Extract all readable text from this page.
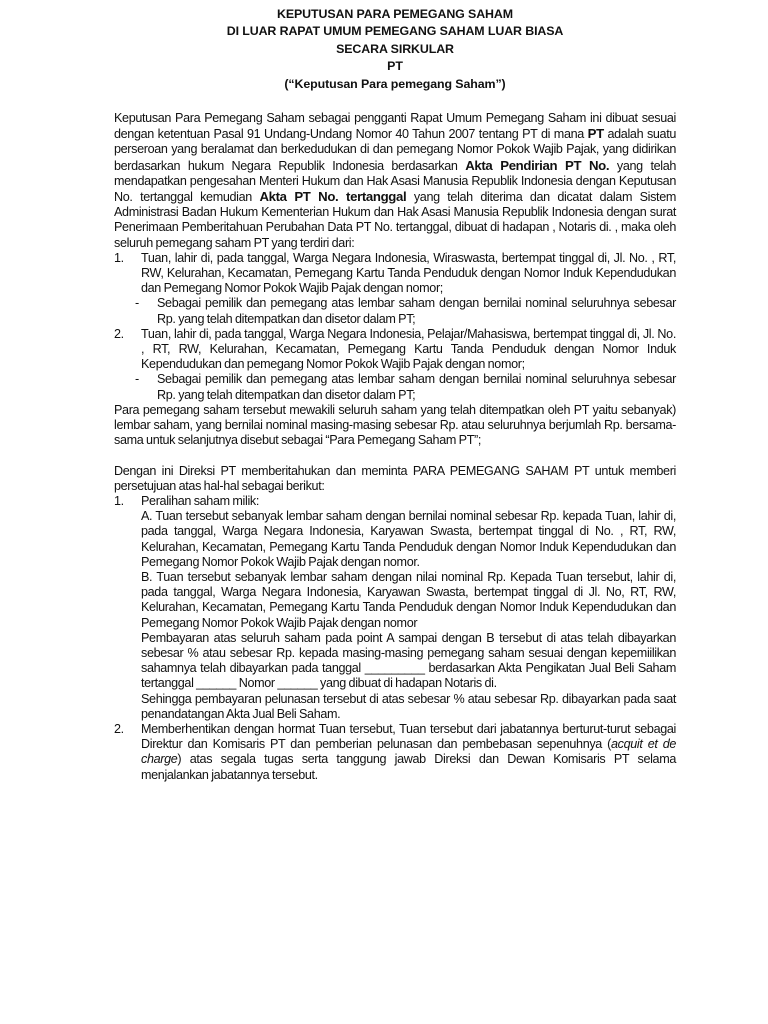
KEPUTUSAN PARA PEMEGANG SAHAM
DI LUAR RAPAT UMUM PEMEGANG SAHAM LUAR BIASA
SECARA SIRKULAR
PT
(“Keputusan Para pemegang Saham”)
Keputusan Para Pemegang Saham sebagai pengganti Rapat Umum Pemegang Saham ini dibuat sesuai dengan ketentuan Pasal 91 Undang-Undang Nomor 40 Tahun 2007 tentang PT di mana PT adalah suatu perseroan yang beralamat dan berkedudukan di dan pemegang Nomor Pokok Wajib Pajak, yang didirikan berdasarkan hukum Negara Republik Indonesia berdasarkan Akta Pendirian PT No. yang telah mendapatkan pengesahan Menteri Hukum dan Hak Asasi Manusia Republik Indonesia dengan Keputusan No. tertanggal kemudian Akta PT No. tertanggal yang telah diterima dan dicatat dalam Sistem Administrasi Badan Hukum Kementerian Hukum dan Hak Asasi Manusia Republik Indonesia dengan surat Penerimaan Pemberitahuan Perubahan Data PT No. tertanggal, dibuat di hadapan , Notaris di. , maka oleh seluruh pemegang saham PT yang terdiri dari:
1.	Tuan, lahir di, pada tanggal, Warga Negara Indonesia, Wiraswasta, bertempat tinggal di, Jl. No. , RT, RW, Kelurahan, Kecamatan, Pemegang Kartu Tanda Penduduk dengan Nomor Induk Kependudukan dan Pemegang Nomor Pokok Wajib Pajak dengan nomor;
-	Sebagai pemilik dan pemegang atas lembar saham dengan bernilai nominal seluruhnya sebesar Rp. yang telah ditempatkan dan disetor dalam PT;
2.	Tuan, lahir di, pada tanggal, Warga Negara Indonesia, Pelajar/Mahasiswa, bertempat tinggal di, Jl. No. , RT, RW, Kelurahan, Kecamatan, Pemegang Kartu Tanda Penduduk dengan Nomor Induk Kependudukan dan pemegang Nomor Pokok Wajib Pajak dengan nomor;
-	Sebagai pemilik dan pemegang atas lembar saham dengan bernilai nominal seluruhnya sebesar Rp. yang telah ditempatkan dan disetor dalam PT;
Para pemegang saham tersebut mewakili seluruh saham yang telah ditempatkan oleh PT yaitu sebanyak) lembar saham, yang bernilai nominal masing-masing sebesar Rp. atau seluruhnya berjumlah Rp. bersama-sama untuk selanjutnya disebut sebagai “Para Pemegang Saham PT”;
Dengan ini Direksi PT memberitahukan dan meminta PARA PEMEGANG SAHAM PT untuk memberi persetujuan atas hal-hal sebagai berikut:
1.	Peralihan saham milik:
A. Tuan tersebut sebanyak lembar saham dengan bernilai nominal sebesar Rp. kepada Tuan, lahir di, pada tanggal, Warga Negara Indonesia, Karyawan Swasta, bertempat tinggal di No. , RT, RW, Kelurahan, Kecamatan, Pemegang Kartu Tanda Penduduk dengan Nomor Induk Kependudukan dan Pemegang Nomor Pokok Wajib Pajak dengan nomor.
B. Tuan tersebut sebanyak lembar saham dengan nilai nominal Rp. Kepada Tuan tersebut, lahir di, pada tanggal, Warga Negara Indonesia, Karyawan Swasta, bertempat tinggal di Jl. No, RT, RW, Kelurahan, Kecamatan, Pemegang Kartu Tanda Penduduk dengan Nomor Induk Kependudukan dan Pemegang Nomor Pokok Wajib Pajak dengan nomor
Pembayaran atas seluruh saham pada point A sampai dengan B tersebut di atas telah dibayarkan sebesar % atau sebesar Rp. kepada masing-masing pemegang saham sesuai dengan kepemiilikan sahamnya telah dibayarkan pada tanggal _________ berdasarkan Akta Pengikatan Jual Beli Saham tertanggal ______ Nomor ______ yang dibuat di hadapan Notaris di.
Sehingga pembayaran pelunasan tersebut di atas sebesar % atau sebesar Rp. dibayarkan pada saat penandatangan Akta Jual Beli Saham.
2.	Memberhentikan dengan hormat Tuan tersebut, Tuan tersebut dari jabatannya berturut-turut sebagai Direktur dan Komisaris PT dan pemberian pelunasan dan pembebasan sepenuhnya (acquit et de charge) atas segala tugas serta tanggung jawab Direksi dan Dewan Komisaris PT selama menjalankan jabatannya tersebut.
